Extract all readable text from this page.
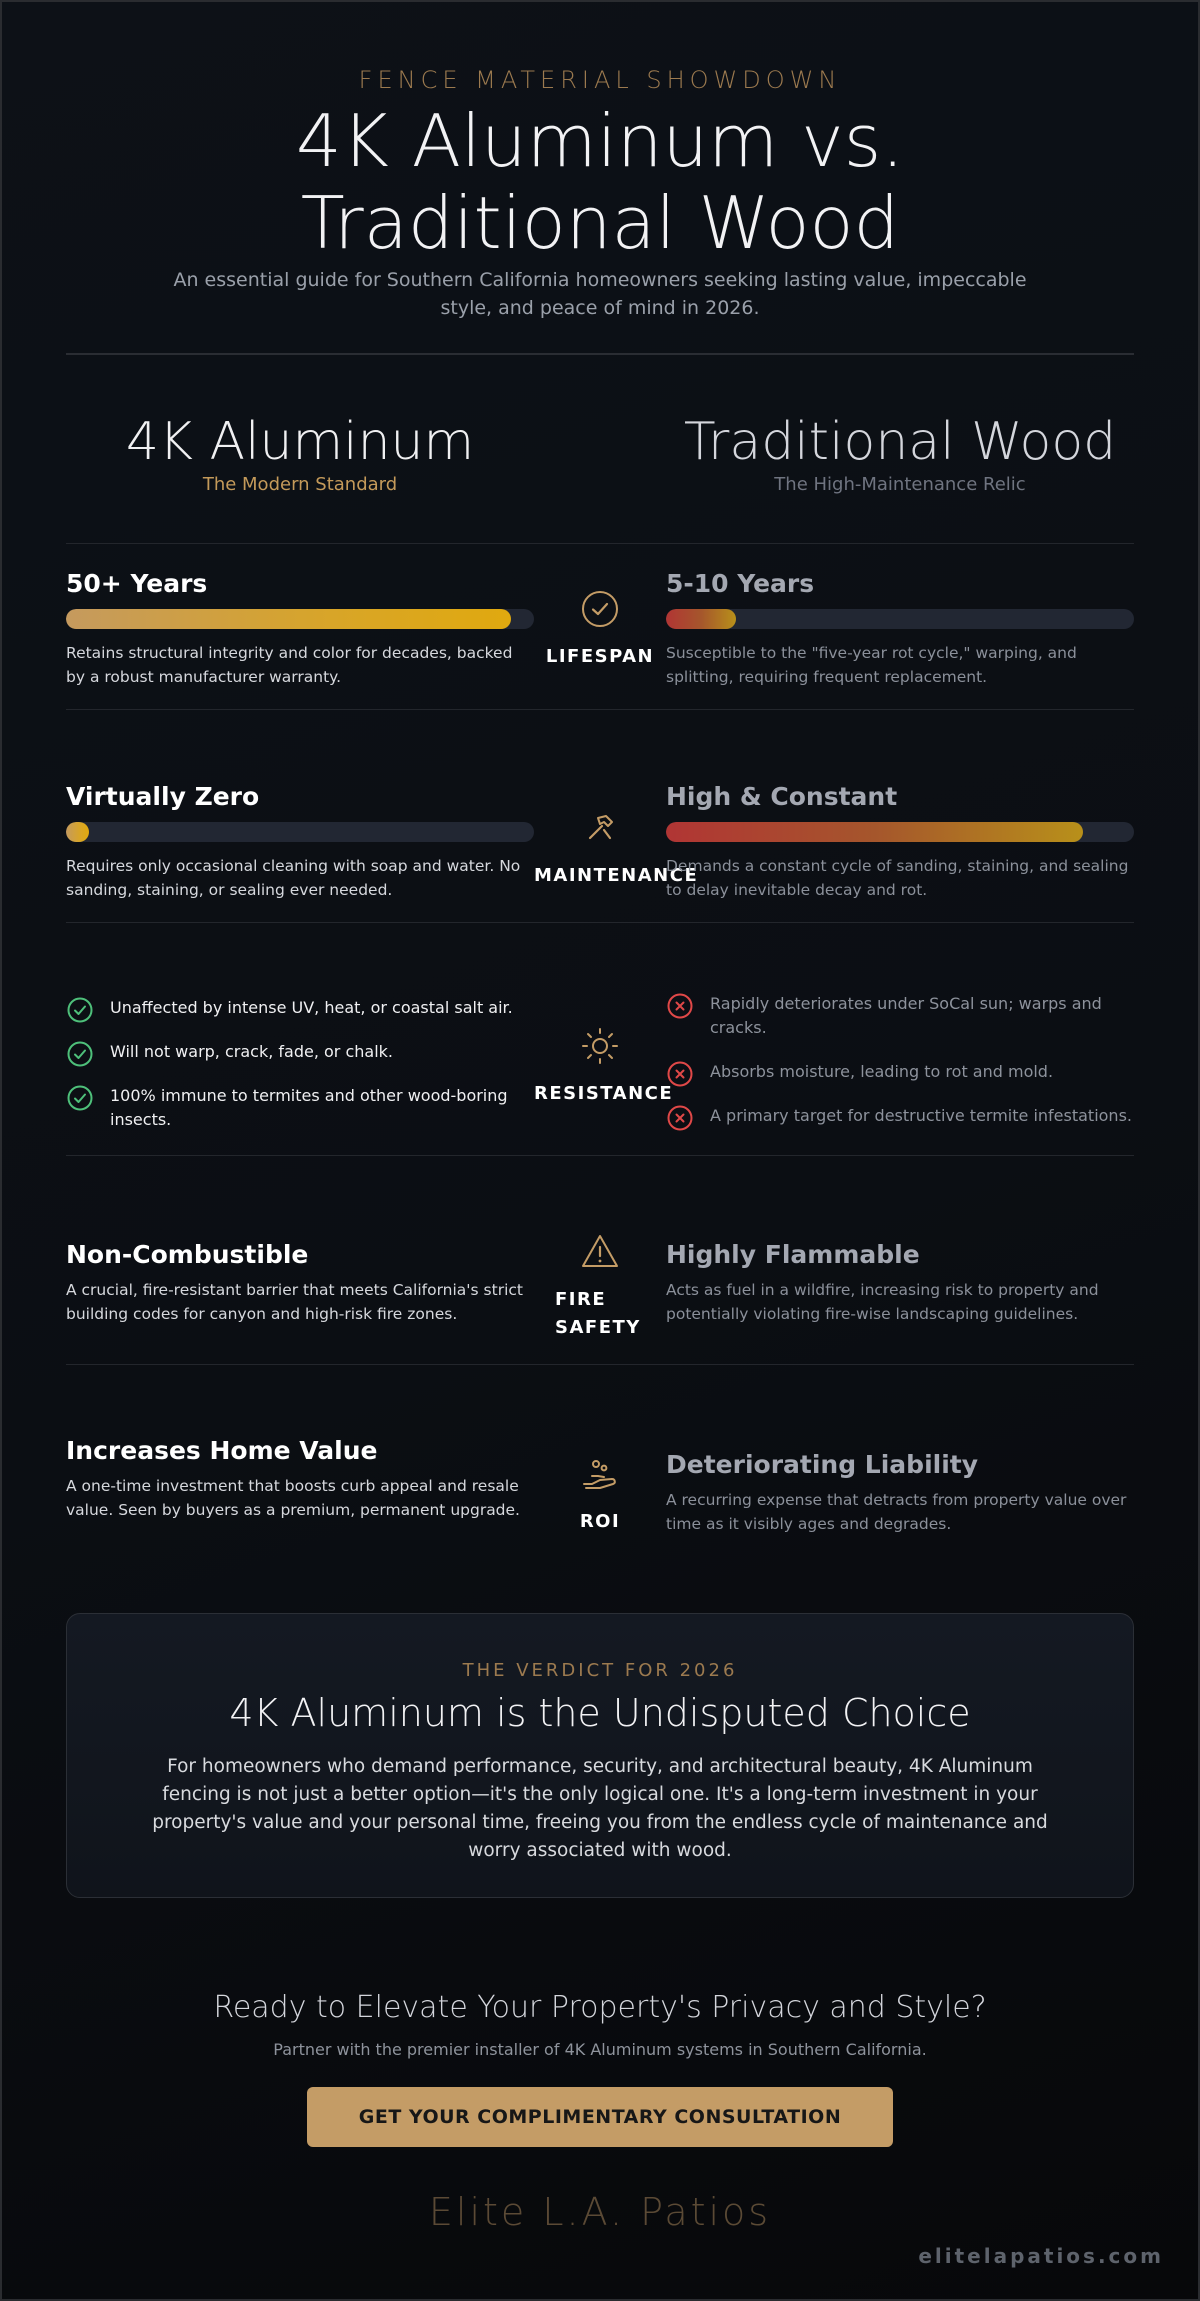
FENCE MATERIAL SHOWDOWN
4K Aluminum vs. Traditional Wood

An essential guide for Southern California homeowners seeking lasting value, impeccable style, and peace of mind in 2026.

4K Aluminum
The Modern Standard
Traditional Wood
The High-Maintenance Relic
50+ Years
Retains structural integrity and color for decades, backed by a robust manufacturer warranty.
LIFESPAN
5-10 Years
Susceptible to the "five-year rot cycle," warping, and splitting, requiring frequent replacement.
Virtually Zero
Requires only occasional cleaning with soap and water. No sanding, staining, or sealing ever needed.
MAINTENANCE
High & Constant
Demands a constant cycle of sanding, staining, and sealing to delay inevitable decay and rot.
Unaffected by intense UV, heat, or coastal salt air.
Will not warp, crack, fade, or chalk.
100% immune to termites and other wood-boring insects.
RESISTANCE
Rapidly deteriorates under SoCal sun; warps and cracks.
Absorbs moisture, leading to rot and mold.
A primary target for destructive termite infestations.
Non-Combustible
A crucial, fire-resistant barrier that meets California's strict building codes for canyon and high-risk fire zones.
FIRE SAFETY
Highly Flammable
Acts as fuel in a wildfire, increasing risk to property and potentially violating fire-wise landscaping guidelines.
Increases Home Value
A one-time investment that boosts curb appeal and resale value. Seen by buyers as a premium, permanent upgrade.
ROI
Deteriorating Liability
A recurring expense that detracts from property value over time as it visibly ages and degrades.
THE VERDICT FOR 2026
4K Aluminum is the Undisputed Choice
For homeowners who demand performance, security, and architectural beauty, 4K Aluminum fencing is not just a better option—it's the only logical one. It's a long-term investment in your property's value and your personal time, freeing you from the endless cycle of maintenance and worry associated with wood.
Ready to Elevate Your Property's Privacy and Style?
Partner with the premier installer of 4K Aluminum systems in Southern California.
GET YOUR COMPLIMENTARY CONSULTATION
Elite L.A. Patios
elitelapatios.com
